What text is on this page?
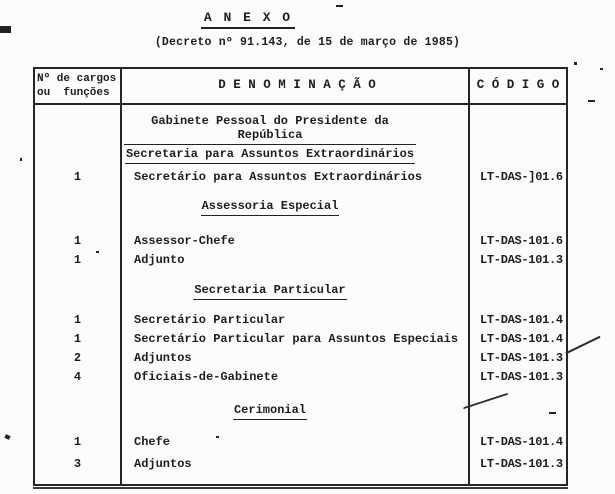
A N E X O
(Decreto nº 91.143, de 15 de março de 1985)
Nº de cargos
ou  funções
D E N O M I N A Ç Ã O	C Ó D I G O
Gabinete Pessoal do Presidente da República
Secretaria para Assuntos Extraordinários
1	Secretário para Assuntos Extraordinários	LT-DAS-]01.6
Assessoria Especial
1	Assessor-Chefe	LT-DAS-101.6
1	Adjunto	LT-DAS-101.3
Secretaria Particular
1	Secretário Particular	LT-DAS-101.4
1	Secretário Particular para Assuntos Especiais LT-DAS-101.4
2	Adjuntos	LT-DAS-101.3
4	Oficiais-de-Gabinete	LT-DAS-101.3
Cerimonial
1	Chefe	LT-DAS-101.4
3	Adjuntos	LT-DAS-101.3
